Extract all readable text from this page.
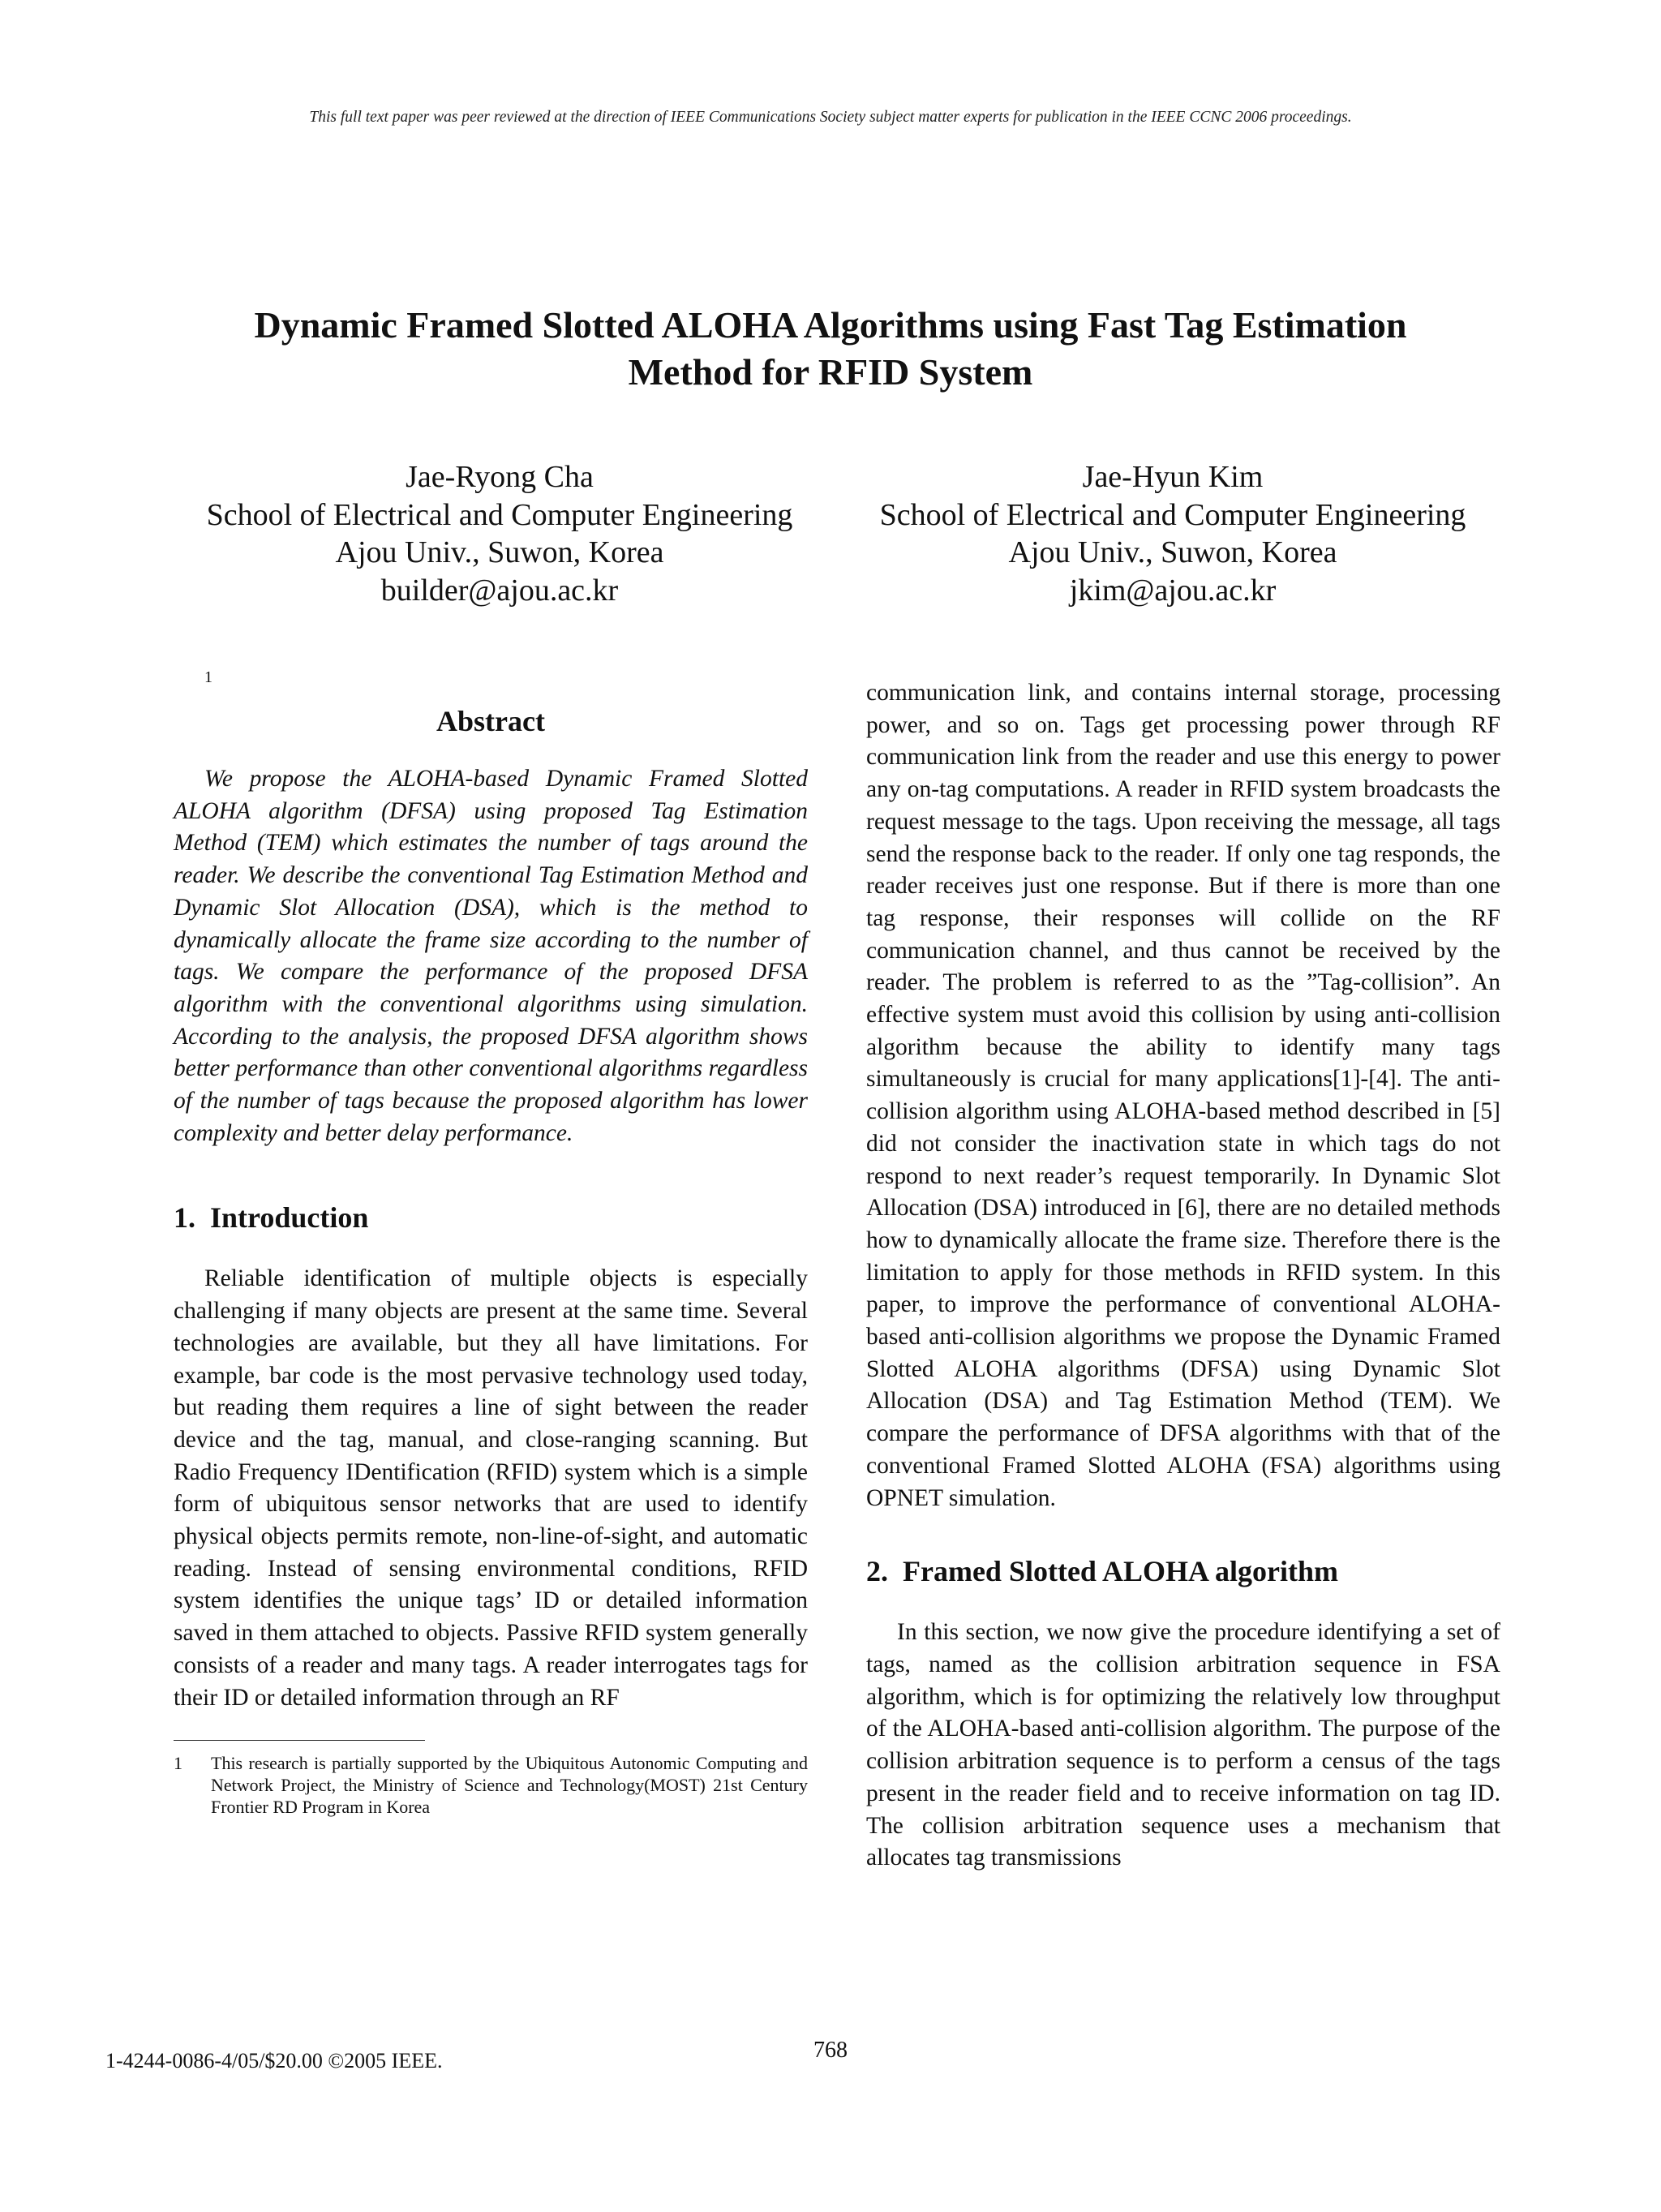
This full text paper was peer reviewed at the direction of IEEE Communications Society subject matter experts for publication in the IEEE CCNC 2006 proceedings.
Dynamic Framed Slotted ALOHA Algorithms using Fast Tag Estimation
Method for RFID System
Jae-Ryong Cha
School of Electrical and Computer Engineering
Ajou Univ., Suwon, Korea
builder@ajou.ac.kr
Jae-Hyun Kim
School of Electrical and Computer Engineering
Ajou Univ., Suwon, Korea
jkim@ajou.ac.kr
1
Abstract

We propose the ALOHA-based Dynamic Framed Slotted ALOHA algorithm (DFSA) using proposed Tag Estimation Method (TEM) which estimates the number of tags around the reader. We describe the conventional Tag Estimation Method and Dynamic Slot Allocation (DSA), which is the method to dynamically allocate the frame size according to the number of tags. We compare the performance of the proposed DFSA algorithm with the conventional algorithms using simulation. According to the analysis, the proposed DFSA algorithm shows better performance than other conventional algorithms regardless of the number of tags because the proposed algorithm has lower complexity and better delay performance.

1. Introduction

Reliable identification of multiple objects is especially challenging if many objects are present at the same time. Several technologies are available, but they all have limitations. For example, bar code is the most pervasive technology used today, but reading them requires a line of sight between the reader device and the tag, manual, and close-ranging scanning. But Radio Frequency IDentification (RFID) system which is a simple form of ubiquitous sensor networks that are used to identify physical objects permits remote, non-line-of-sight, and automatic reading. Instead of sensing environmental conditions, RFID system identifies the unique tags’ ID or detailed information saved in them attached to objects. Passive RFID system generally consists of a reader and many tags. A reader interrogates tags for their ID or detailed information through an RF

1	This research is partially supported by the Ubiquitous Autonomic Computing and Network Project, the Ministry of Science and Technology(MOST) 21st Century Frontier RD Program in Korea

communication link, and contains internal storage, processing power, and so on. Tags get processing power through RF communication link from the reader and use this energy to power any on-tag computations. A reader in RFID system broadcasts the request message to the tags. Upon receiving the message, all tags send the response back to the reader. If only one tag responds, the reader receives just one response. But if there is more than one tag response, their responses will collide on the RF communication channel, and thus cannot be received by the reader. The problem is referred to as the ”Tag-collision”. An effective system must avoid this collision by using anti-collision algorithm because the ability to identify many tags simultaneously is crucial for many applications[1]-[4]. The anti-collision algorithm using ALOHA-based method described in [5] did not consider the inactivation state in which tags do not respond to next reader’s request temporarily. In Dynamic Slot Allocation (DSA) introduced in [6], there are no detailed methods how to dynamically allocate the frame size. Therefore there is the limitation to apply for those methods in RFID system. In this paper, to improve the performance of conventional ALOHA-based anti-collision algorithms we propose the Dynamic Framed Slotted ALOHA algorithms (DFSA) using Dynamic Slot Allocation (DSA) and Tag Estimation Method (TEM). We compare the performance of DFSA algorithms with that of the conventional Framed Slotted ALOHA (FSA) algorithms using OPNET simulation.

2. Framed Slotted ALOHA algorithm

In this section, we now give the procedure identifying a set of tags, named as the collision arbitration sequence in FSA algorithm, which is for optimizing the relatively low throughput of the ALOHA-based anti-collision algorithm. The purpose of the collision arbitration sequence is to perform a census of the tags present in the reader field and to receive information on tag ID. The collision arbitration sequence uses a mechanism that allocates tag transmissions

1-4244-0086-4/05/$20.00 ©2005 IEEE.	768
